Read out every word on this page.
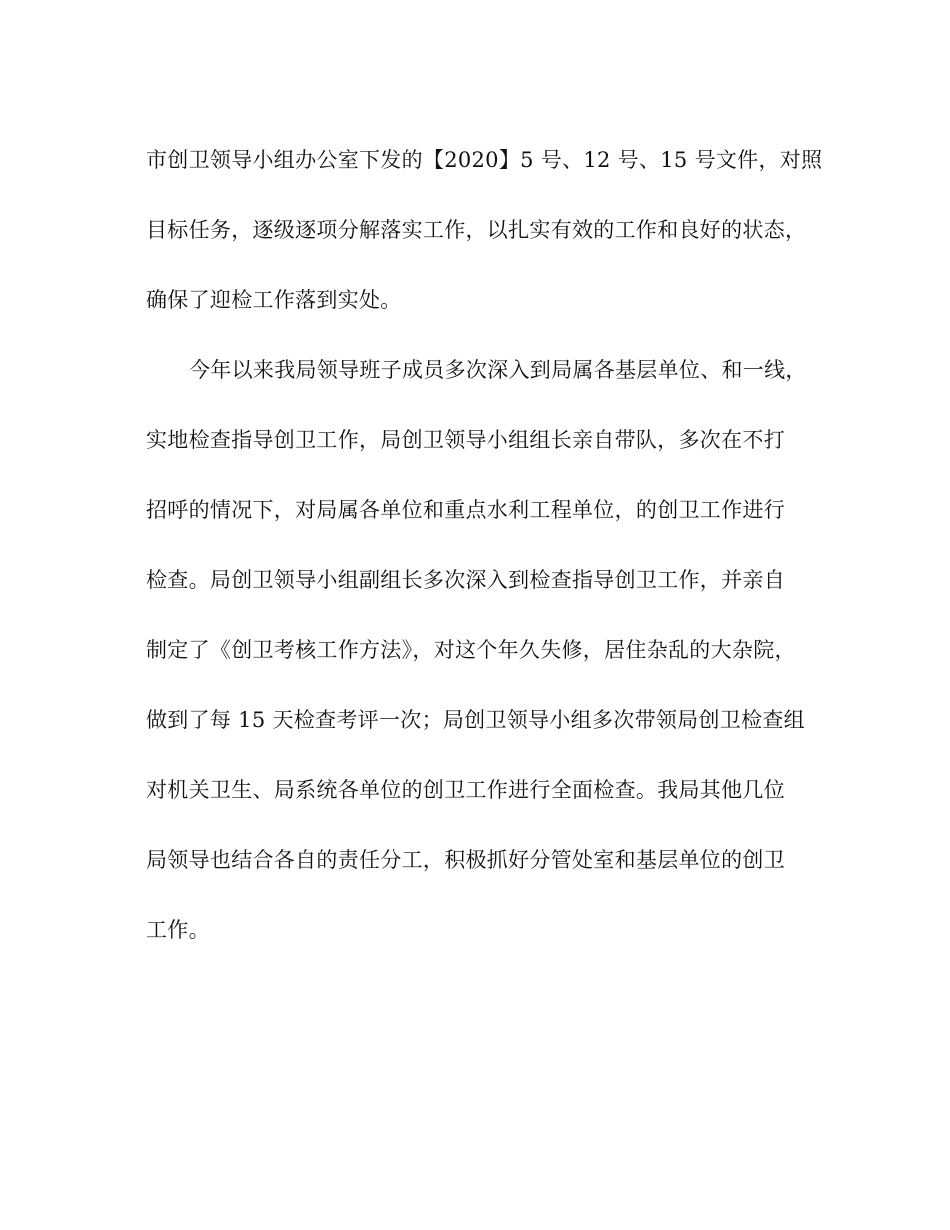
市创卫领导小组办公室下发的【2020】5 号、12 号、15 号文件，对照
目标任务，逐级逐项分解落实工作，以扎实有效的工作和良好的状态，
确保了迎检工作落到实处。
今年以来我局领导班子成员多次深入到局属各基层单位、和一线，
实地检查指导创卫工作，局创卫领导小组组长亲自带队，多次在不打
招呼的情况下，对局属各单位和重点水利工程单位，的创卫工作进行
检查。局创卫领导小组副组长多次深入到检查指导创卫工作，并亲自
制定了《创卫考核工作方法》，对这个年久失修，居住杂乱的大杂院，
做到了每 15 天检查考评一次；局创卫领导小组多次带领局创卫检查组
对机关卫生、局系统各单位的创卫工作进行全面检查。我局其他几位
局领导也结合各自的责任分工，积极抓好分管处室和基层单位的创卫
工作。
